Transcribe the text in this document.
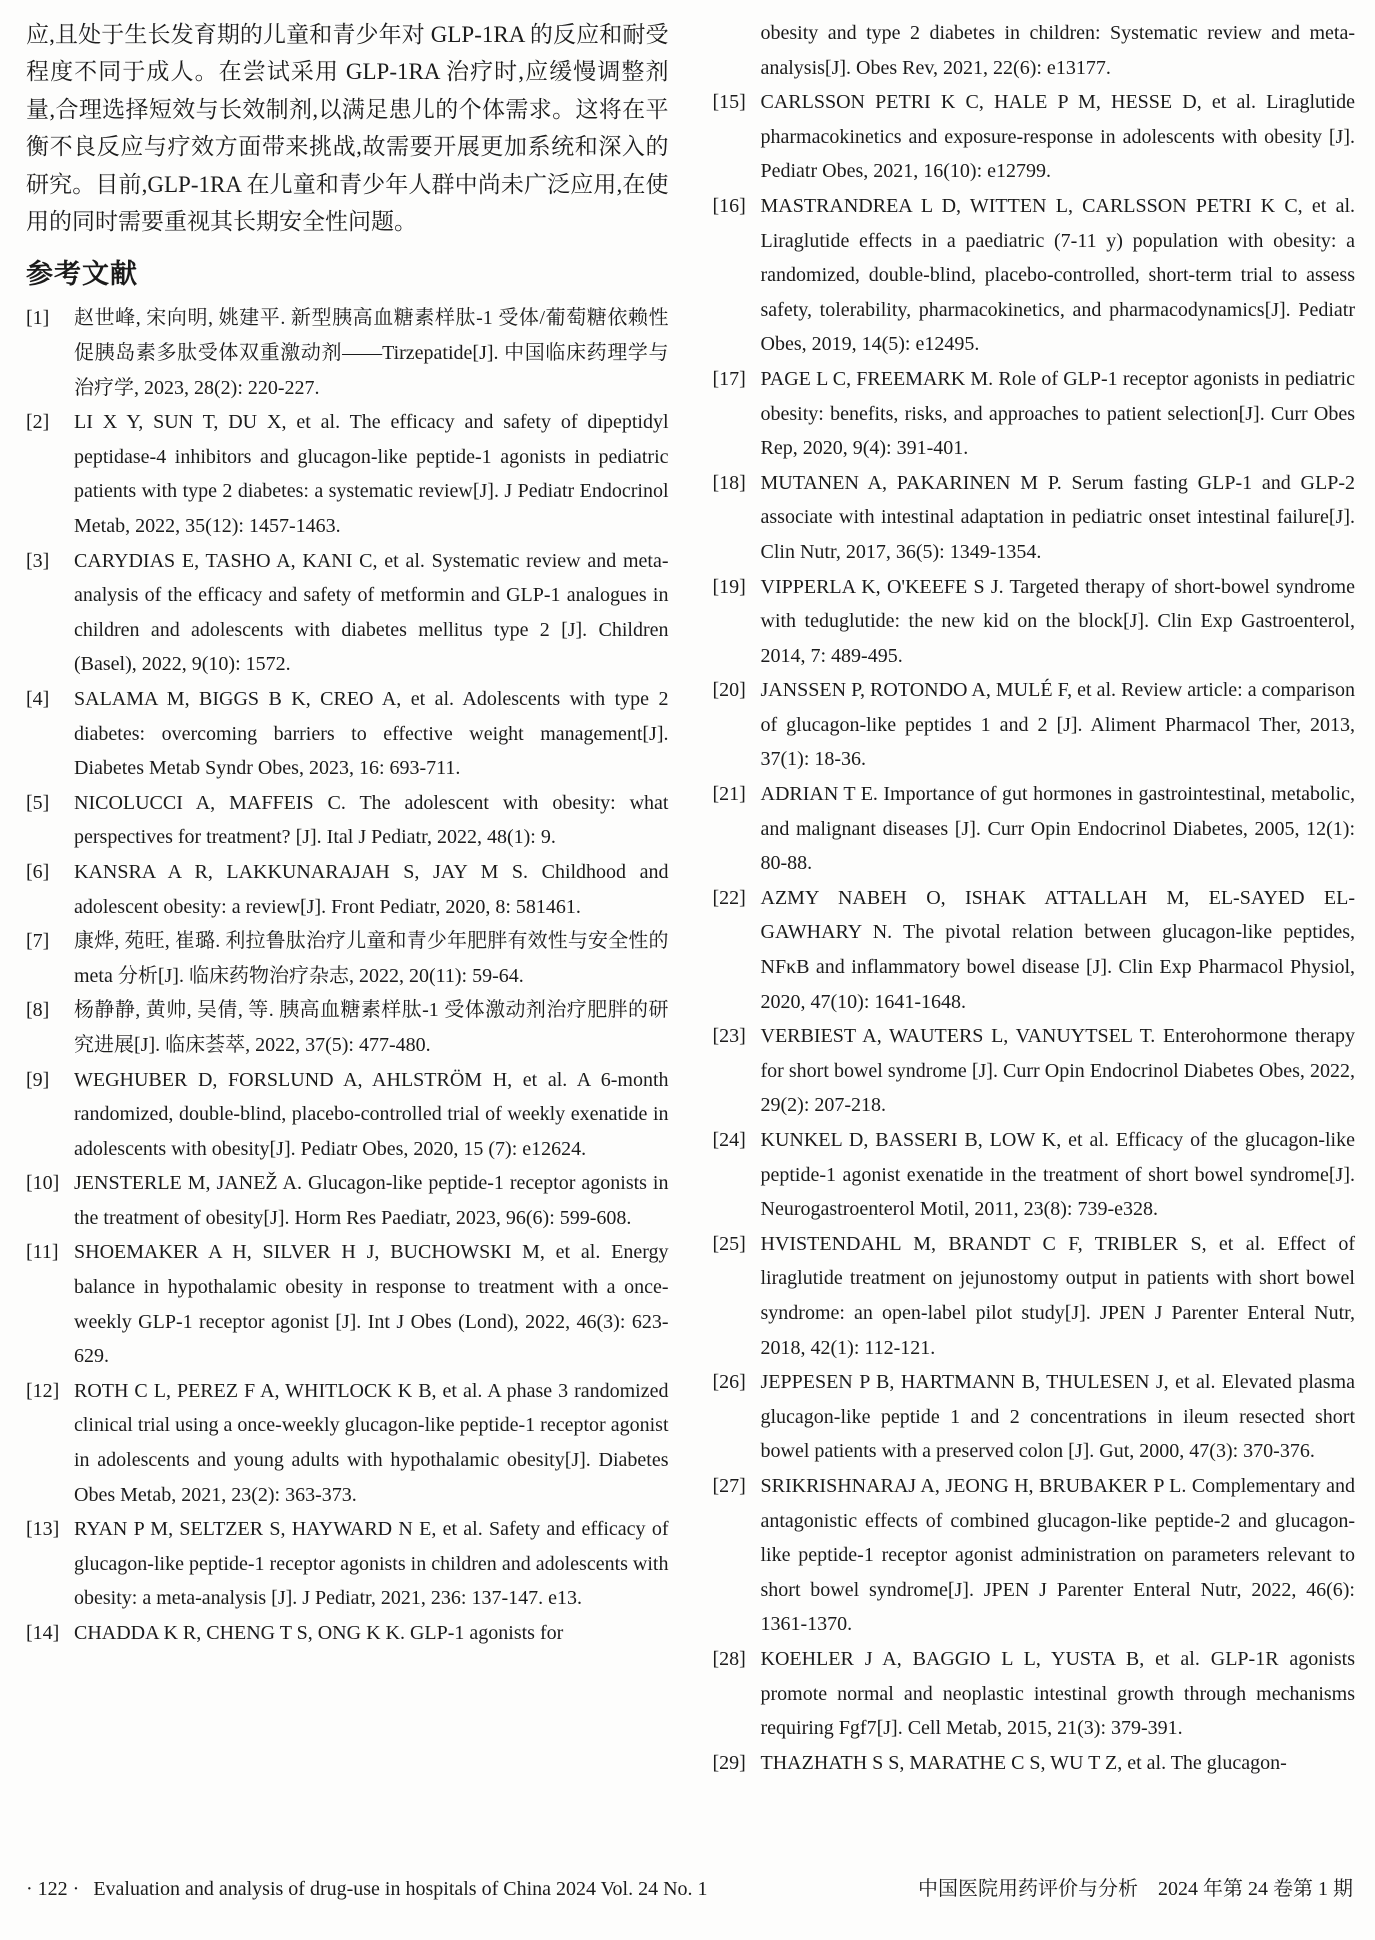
应,且处于生长发育期的儿童和青少年对 GLP-1RA 的反应和耐受程度不同于成人。在尝试采用 GLP-1RA 治疗时,应缓慢调整剂量,合理选择短效与长效制剂,以满足患儿的个体需求。这将在平衡不良反应与疗效方面带来挑战,故需要开展更加系统和深入的研究。目前,GLP-1RA 在儿童和青少年人群中尚未广泛应用,在使用的同时需要重视其长期安全性问题。
参考文献
[1]	赵世峰, 宋向明, 姚建平. 新型胰高血糖素样肽-1 受体/葡萄糖依赖性促胰岛素多肽受体双重激动剂——Tirzepatide[J]. 中国临床药理学与治疗学, 2023, 28(2): 220-227.
[2]	LI X Y, SUN T, DU X, et al. The efficacy and safety of dipeptidyl peptidase-4 inhibitors and glucagon-like peptide-1 agonists in pediatric patients with type 2 diabetes: a systematic review[J]. J Pediatr Endocrinol Metab, 2022, 35(12): 1457-1463.
[3]	CARYDIAS E, TASHO A, KANI C, et al. Systematic review and meta-analysis of the efficacy and safety of metformin and GLP-1 analogues in children and adolescents with diabetes mellitus type 2 [J]. Children (Basel), 2022, 9(10): 1572.
[4]	SALAMA M, BIGGS B K, CREO A, et al. Adolescents with type 2 diabetes: overcoming barriers to effective weight management[J]. Diabetes Metab Syndr Obes, 2023, 16: 693-711.
[5]	NICOLUCCI A, MAFFEIS C. The adolescent with obesity: what perspectives for treatment? [J]. Ital J Pediatr, 2022, 48(1): 9.
[6]	KANSRA A R, LAKKUNARAJAH S, JAY M S. Childhood and adolescent obesity: a review[J]. Front Pediatr, 2020, 8: 581461.
[7]	康烨, 苑旺, 崔璐. 利拉鲁肽治疗儿童和青少年肥胖有效性与安全性的 meta 分析[J]. 临床药物治疗杂志, 2022, 20(11): 59-64.
[8]	杨静静, 黄帅, 吴倩, 等. 胰高血糖素样肽-1 受体激动剂治疗肥胖的研究进展[J]. 临床荟萃, 2022, 37(5): 477-480.
[9]	WEGHUBER D, FORSLUND A, AHLSTRÖM H, et al. A 6-month randomized, double-blind, placebo-controlled trial of weekly exenatide in adolescents with obesity[J]. Pediatr Obes, 2020, 15 (7): e12624.
[10] JENSTERLE M, JANEŽ A. Glucagon-like peptide-1 receptor agonists in the treatment of obesity[J]. Horm Res Paediatr, 2023, 96(6): 599-608.
[11] SHOEMAKER A H, SILVER H J, BUCHOWSKI M, et al. Energy balance in hypothalamic obesity in response to treatment with a once-weekly GLP-1 receptor agonist [J]. Int J Obes (Lond), 2022, 46(3): 623-629.
[12] ROTH C L, PEREZ F A, WHITLOCK K B, et al. A phase 3 randomized clinical trial using a once-weekly glucagon-like peptide-1 receptor agonist in adolescents and young adults with hypothalamic obesity[J]. Diabetes Obes Metab, 2021, 23(2): 363-373.
[13] RYAN P M, SELTZER S, HAYWARD N E, et al. Safety and efficacy of glucagon-like peptide-1 receptor agonists in children and adolescents with obesity: a meta-analysis [J]. J Pediatr, 2021, 236: 137-147. e13.
[14] CHADDA K R, CHENG T S, ONG K K. GLP-1 agonists for
obesity and type 2 diabetes in children: Systematic review and meta-analysis[J]. Obes Rev, 2021, 22(6): e13177.
[15] CARLSSON PETRI K C, HALE P M, HESSE D, et al. Liraglutide pharmacokinetics and exposure-response in adolescents with obesity [J]. Pediatr Obes, 2021, 16(10): e12799.
[16] MASTRANDREA L D, WITTEN L, CARLSSON PETRI K C, et al. Liraglutide effects in a paediatric (7-11 y) population with obesity: a randomized, double-blind, placebo-controlled, short-term trial to assess safety, tolerability, pharmacokinetics, and pharmacodynamics[J]. Pediatr Obes, 2019, 14(5): e12495.
[17] PAGE L C, FREEMARK M. Role of GLP-1 receptor agonists in pediatric obesity: benefits, risks, and approaches to patient selection[J]. Curr Obes Rep, 2020, 9(4): 391-401.
[18] MUTANEN A, PAKARINEN M P. Serum fasting GLP-1 and GLP-2 associate with intestinal adaptation in pediatric onset intestinal failure[J]. Clin Nutr, 2017, 36(5): 1349-1354.
[19] VIPPERLA K, O'KEEFE S J. Targeted therapy of short-bowel syndrome with teduglutide: the new kid on the block[J]. Clin Exp Gastroenterol, 2014, 7: 489-495.
[20] JANSSEN P, ROTONDO A, MULÉ F, et al. Review article: a comparison of glucagon-like peptides 1 and 2 [J]. Aliment Pharmacol Ther, 2013, 37(1): 18-36.
[21] ADRIAN T E. Importance of gut hormones in gastrointestinal, metabolic, and malignant diseases [J]. Curr Opin Endocrinol Diabetes, 2005, 12(1): 80-88.
[22] AZMY NABEH O, ISHAK ATTALLAH M, EL-SAYED EL-GAWHARY N. The pivotal relation between glucagon-like peptides, NFκB and inflammatory bowel disease [J]. Clin Exp Pharmacol Physiol, 2020, 47(10): 1641-1648.
[23] VERBIEST A, WAUTERS L, VANUYTSEL T. Enterohormone therapy for short bowel syndrome [J]. Curr Opin Endocrinol Diabetes Obes, 2022, 29(2): 207-218.
[24] KUNKEL D, BASSERI B, LOW K, et al. Efficacy of the glucagon-like peptide-1 agonist exenatide in the treatment of short bowel syndrome[J]. Neurogastroenterol Motil, 2011, 23(8): 739-e328.
[25] HVISTENDAHL M, BRANDT C F, TRIBLER S, et al. Effect of liraglutide treatment on jejunostomy output in patients with short bowel syndrome: an open-label pilot study[J]. JPEN J Parenter Enteral Nutr, 2018, 42(1): 112-121.
[26] JEPPESEN P B, HARTMANN B, THULESEN J, et al. Elevated plasma glucagon-like peptide 1 and 2 concentrations in ileum resected short bowel patients with a preserved colon [J]. Gut, 2000, 47(3): 370-376.
[27] SRIKRISHNARAJ A, JEONG H, BRUBAKER P L. Complementary and antagonistic effects of combined glucagon-like peptide-2 and glucagon-like peptide-1 receptor agonist administration on parameters relevant to short bowel syndrome[J]. JPEN J Parenter Enteral Nutr, 2022, 46(6): 1361-1370.
[28] KOEHLER J A, BAGGIO L L, YUSTA B, et al. GLP-1R agonists promote normal and neoplastic intestinal growth through mechanisms requiring Fgf7[J]. Cell Metab, 2015, 21(3): 379-391.
[29] THAZHATH S S, MARATHE C S, WU T Z, et al. The glucagon-
· 122 · Evaluation and analysis of drug-use in hospitals of China 2024 Vol. 24 No. 1	中国医院用药评价与分析　2024 年第 24 卷第 1 期
